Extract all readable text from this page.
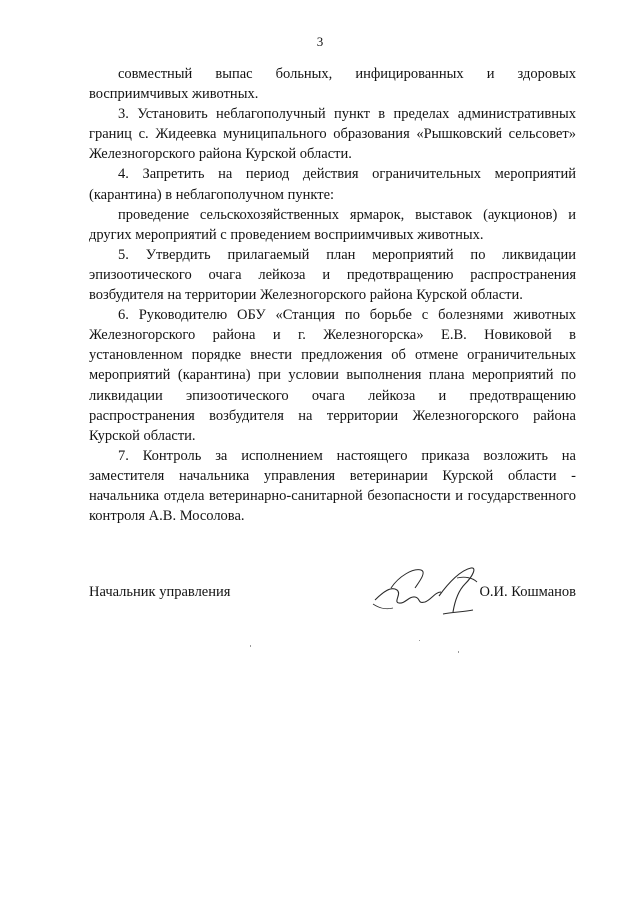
3

совместный выпас больных, инфицированных и здоровых восприимчивых животных.

3. Установить неблагополучный пункт в пределах административных границ с. Жидеевка муниципального образования «Рышковский сельсовет» Железногорского района Курской области.

4. Запретить на период действия ограничительных мероприятий (карантина) в неблагополучном пункте:

проведение сельскохозяйственных ярмарок, выставок (аукционов) и других мероприятий с проведением восприимчивых животных.

5. Утвердить прилагаемый план мероприятий по ликвидации эпизоотического очага лейкоза и предотвращению распространения возбудителя на территории Железногорского района Курской области.

6. Руководителю ОБУ «Станция по борьбе с болезнями животных Железногорского района и г. Железногорска» Е.В. Новиковой в установленном порядке внести предложения об отмене ограничительных мероприятий (карантина) при условии выполнения плана мероприятий по ликвидации эпизоотического очага лейкоза и предотвращению распространения возбудителя на территории Железногорского района Курской области.

7. Контроль за исполнением настоящего приказа возложить на заместителя начальника управления ветеринарии Курской области - начальника отдела ветеринарно-санитарной безопасности и государственного контроля А.В. Мосолова.

Начальник управления	О.И. Кошманов
